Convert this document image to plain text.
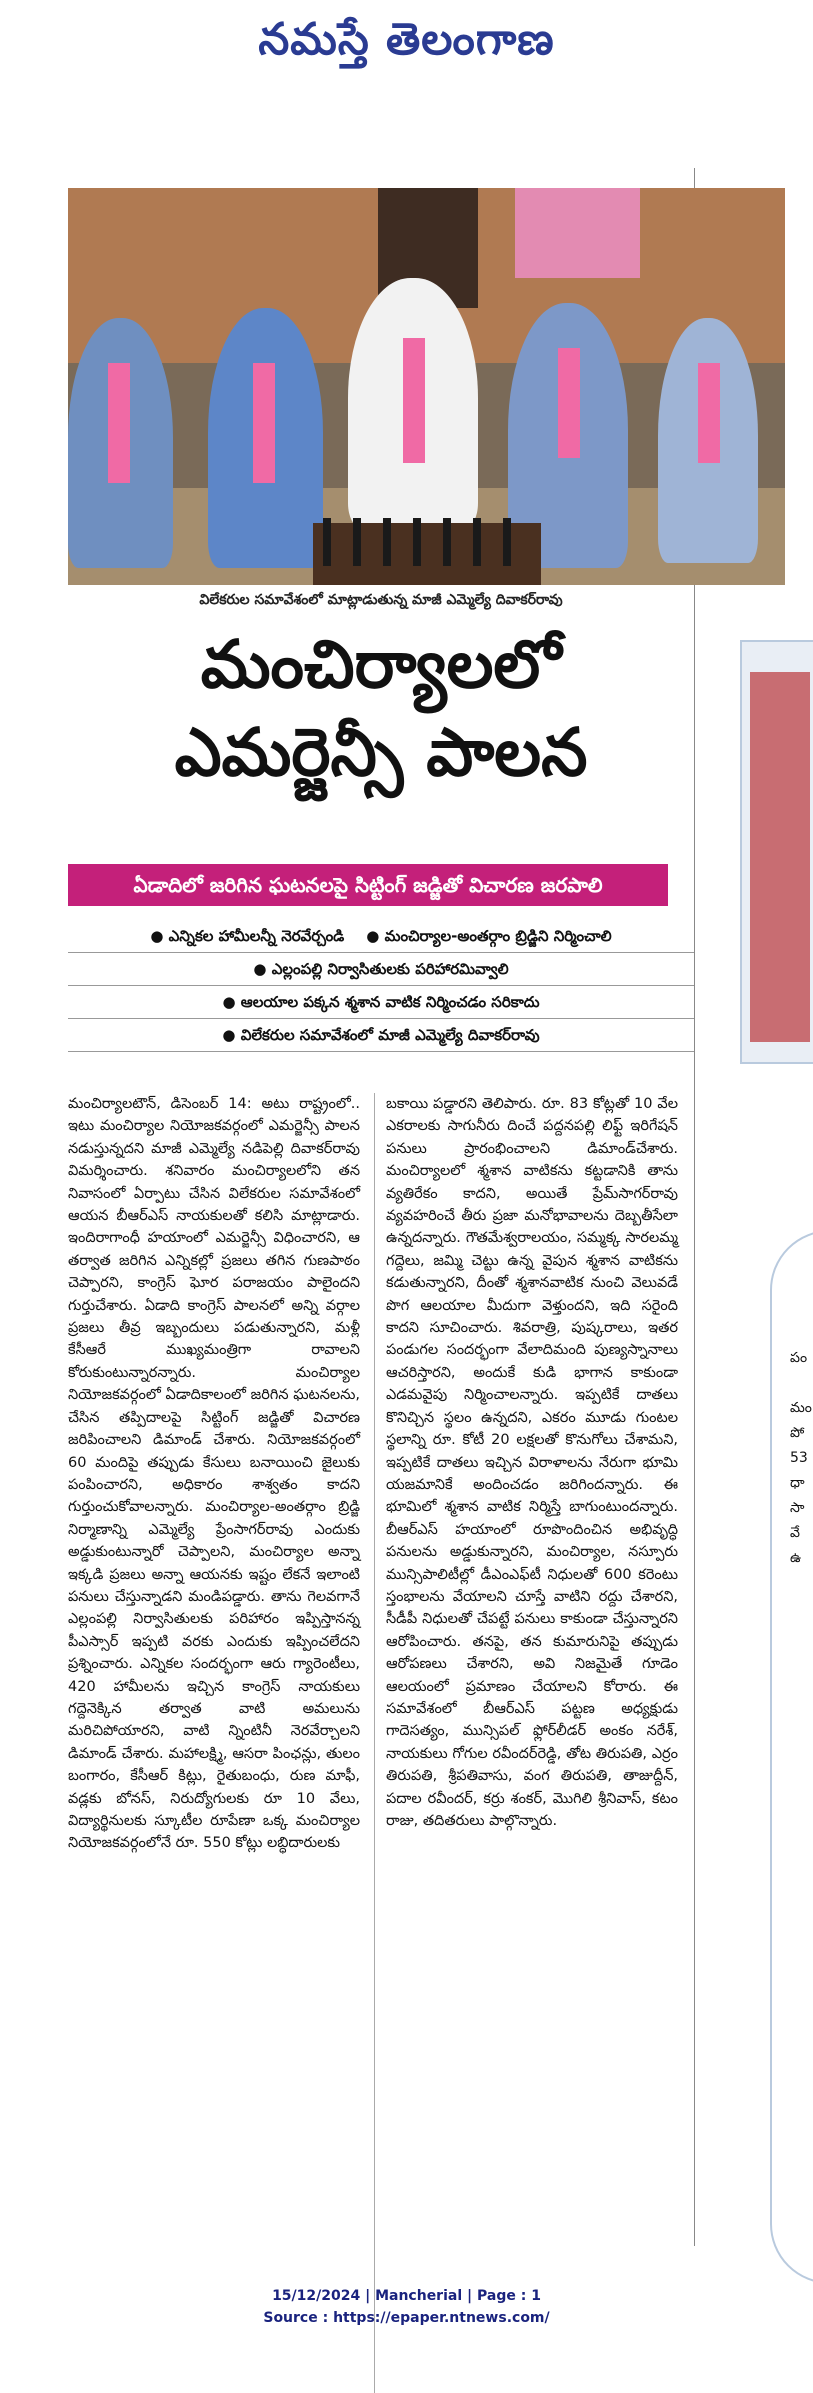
నమస్తే తెలంగాణ
విలేకరుల సమావేశంలో మాట్లాడుతున్న మాజీ ఎమ్మెల్యే దివాకర్‌రావు
మంచిర్యాలలో
ఎమర్జెన్సీ పాలన
ఏడాదిలో జరిగిన ఘటనలపై సిట్టింగ్ జడ్జితో విచారణ జరపాలి
● ఎన్నికల హామీలన్నీ నెరవేర్చండి
●	మంచిర్యాల-అంతర్గాం బ్రిడ్జిని నిర్మించాలి
● ఎల్లంపల్లి నిర్వాసితులకు పరిహారమివ్వాలి
● ఆలయాల పక్కన శ్మశాన వాటిక నిర్మించడం సరికాదు
● విలేకరుల సమావేశంలో మాజీ ఎమ్మెల్యే దివాకర్‌రావు
మంచిర్యాలటౌన్, డిసెంబర్ 14: అటు రాష్ట్రంలో.. ఇటు మంచిర్యాల నియోజకవర్గంలో ఎమర్జెన్సీ పాలన నడుస్తున్నదని మాజీ ఎమ్మెల్యే నడిపెల్లి దివాకర్‌రావు విమర్శించారు. శనివారం మంచిర్యాలలోని తన నివాసంలో ఏర్పాటు చేసిన విలేకరుల సమావేశంలో ఆయన బీఆర్‌ఎస్ నాయకులతో కలిసి మాట్లాడారు. ఇందిరాగాంధీ హయాంలో ఎమర్జెన్సీ విధించారని, ఆ తర్వాత జరిగిన ఎన్నికల్లో ప్రజలు తగిన గుణపాఠం చెప్పారని, కాంగ్రెస్ ఘోర పరాజయం పాలైందని గుర్తుచేశారు. ఏడాది కాంగ్రెస్ పాలనలో అన్ని వర్గాల ప్రజలు తీవ్ర ఇబ్బందులు పడుతున్నారని, మళ్లీ కేసీఆరే ముఖ్యమంత్రిగా రావాలని కోరుకుంటున్నారన్నారు. మంచిర్యాల నియోజకవర్గంలో ఏడాదికాలంలో జరిగిన ఘటనలను, చేసిన తప్పిదాలపై సిట్టింగ్ జడ్జితో విచారణ జరిపించాలని డిమాండ్ చేశారు. నియోజకవర్గంలో 60 మందిపై తప్పుడు కేసులు బనాయించి జైలుకు పంపించారని, అధికారం శాశ్వతం కాదని గుర్తుంచుకోవాలన్నారు. మంచిర్యాల-అంతర్గాం బ్రిడ్జి నిర్మాణాన్ని ఎమ్మెల్యే ప్రేంసాగర్‌రావు ఎందుకు అడ్డుకుంటున్నారో చెప్పాలని, మంచిర్యాల అన్నా ఇక్కడి ప్రజలు అన్నా ఆయనకు ఇష్టం లేకనే ఇలాంటి పనులు చేస్తున్నాడని మండిపడ్డారు. తాను గెలవగానే ఎల్లంపల్లి నిర్వాసితులకు పరిహారం ఇప్పిస్తానన్న పీఎస్సార్ ఇప్పటి వరకు ఎందుకు ఇప్పించలేదని ప్రశ్నించారు. ఎన్నికల సందర్భంగా ఆరు గ్యారెంటీలు, 420 హామీలను ఇచ్చిన కాంగ్రెస్ నాయకులు గద్దెనెక్కిన తర్వాత వాటి అమలును మరిచిపోయారని, వాటి న్నింటినీ నెరవేర్చాలని డిమాండ్ చేశారు. మహాలక్ష్మి, ఆసరా పింఛన్లు, తులం బంగారం, కేసీఆర్ కిట్లు, రైతుబంధు, రుణ మాఫీ, వడ్లకు బోనస్, నిరుద్యోగులకు రూ 10 వేలు, విద్యార్థినులకు స్కూటీల రూపేణా ఒక్క మంచిర్యాల నియోజకవర్గంలోనే రూ. 550 కోట్లు లబ్ధిదారులకు
బకాయి పడ్డారని తెలిపారు. రూ. 83 కోట్లతో 10 వేల ఎకరాలకు సాగునీరు దించే పద్దనపల్లి లిఫ్ట్ ఇరిగేషన్ పనులు ప్రారంభించాలని డిమాండ్‌చేశారు. మంచిర్యాలలో శ్మశాన వాటికను కట్టడానికి తాను వ్యతిరేకం కాదని, అయితే ప్రేమ్‌సాగర్‌రావు వ్యవహరించే తీరు ప్రజా మనోభావాలను దెబ్బతీసేలా ఉన్నదన్నారు. గౌతమేశ్వరాలయం, సమ్మక్క సారలమ్మ గద్దెలు, జమ్మి చెట్టు ఉన్న వైపున శ్మశాన వాటికను కడుతున్నారని, దీంతో శ్మశానవాటిక నుంచి వెలువడే పొగ ఆలయాల మీదుగా వెళ్తుందని, ఇది సరైంది కాదని సూచించారు. శివరాత్రి, పుష్కరాలు, ఇతర పండుగల సందర్భంగా వేలాదిమంది పుణ్యస్నానాలు ఆచరిస్తారని, అందుకే కుడి భాగాన కాకుండా ఎడమవైపు నిర్మించాలన్నారు. ఇప్పటికే దాతలు కొనిచ్చిన స్థలం ఉన్నదని, ఎకరం మూడు గుంటల స్థలాన్ని రూ. కోటీ 20 లక్షలతో కొనుగోలు చేశామని, ఇప్పటికే దాతలు ఇచ్చిన విరాళాలను నేరుగా భూమి యజమానికే అందించడం జరిగిందన్నారు. ఈ భూమిలో శ్మశాన వాటిక నిర్మిస్తే బాగుంటుందన్నారు. బీఆర్‌ఎస్ హయాంలో రూపొందించిన అభివృద్ధి పనులను అడ్డుకున్నారని, మంచిర్యాల, నస్పూరు మున్సిపాలిటీల్లో డీఎంఎఫ్‌టీ నిధులతో 600 కరెంటు స్తంభాలను వేయాలని చూస్తే వాటిని రద్దు చేశారని, సీడీపీ నిధులతో చేపట్టే పనులు కాకుండా చేస్తున్నారని ఆరోపించారు. తనపై, తన కుమారునిపై తప్పుడు ఆరోపణలు చేశారని, అవి నిజమైతే గూడెం ఆలయంలో ప్రమాణం చేయాలని కోరారు. ఈ సమావేశంలో బీఆర్‌ఎస్ పట్టణ అధ్యక్షుడు గాదెసత్యం, మున్సిపల్ ఫ్లోర్‌లీడర్ అంకం నరేశ్, నాయకులు గోగుల రవీందర్‌రెడ్డి, తోట తిరుపతి, ఎర్రం తిరుపతి, శ్రీపతివాసు, వంగ తిరుపతి, తాజుద్దీన్, పదాల రవీందర్, కర్రు శంకర్, మొగిలి శ్రీనివాస్, కటం రాజు, తదితరులు పాల్గొన్నారు.
పం
మం
పో
53
ధా
సా
వే
ఉ
15/12/2024 | Mancherial | Page : 1
Source : https://epaper.ntnews.com/
